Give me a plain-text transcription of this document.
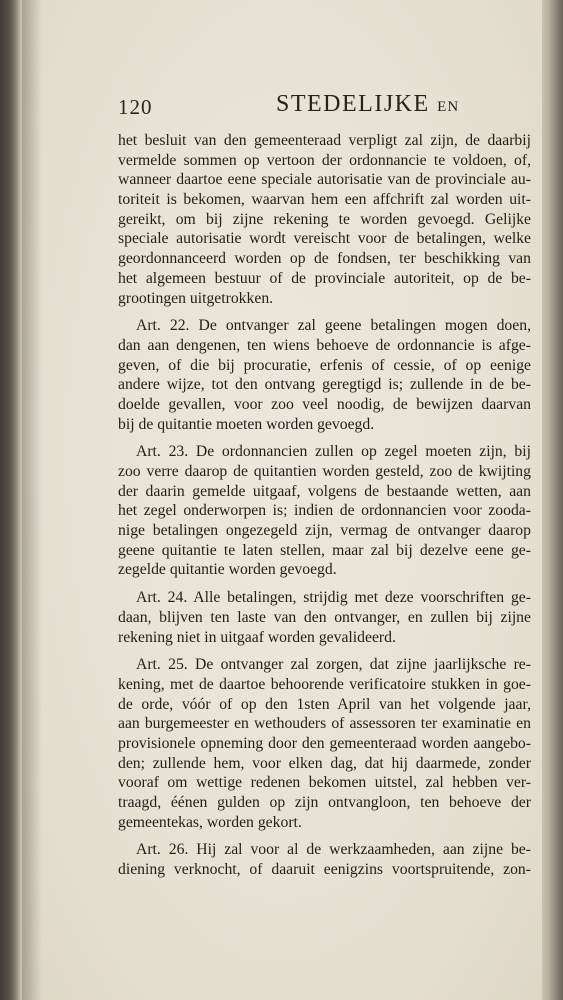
120	STEDELIJKE EN
het besluit van den gemeenteraad verpligt zal zijn, de daarbij
vermelde sommen op vertoon der ordonnancie te voldoen, of,
wanneer daartoe eene speciale autorisatie van de provinciale au-
toriteit is bekomen, waarvan hem een affchrift zal worden uit-
gereikt, om bij zijne rekening te worden gevoegd. Gelijke
speciale autorisatie wordt vereischt voor de betalingen, welke
geordonnanceerd worden op de fondsen, ter beschikking van
het algemeen bestuur of de provinciale autoriteit, op de be-
grootingen uitgetrokken.
Art. 22. De ontvanger zal geene betalingen mogen doen,
dan aan dengenen, ten wiens behoeve de ordonnancie is afge-
geven, of die bij procuratie, erfenis of cessie, of op eenige
andere wijze, tot den ontvang geregtigd is; zullende in de be-
doelde gevallen, voor zoo veel noodig, de bewijzen daarvan
bij de quitantie moeten worden gevoegd.
Art. 23. De ordonnancien zullen op zegel moeten zijn, bij
zoo verre daarop de quitantien worden gesteld, zoo de kwijting
der daarin gemelde uitgaaf, volgens de bestaande wetten, aan
het zegel onderworpen is; indien de ordonnancien voor zooda-
nige betalingen ongezegeld zijn, vermag de ontvanger daarop
geene quitantie te laten stellen, maar zal bij dezelve eene ge-
zegelde quitantie worden gevoegd.
Art. 24. Alle betalingen, strijdig met deze voorschriften ge-
daan, blijven ten laste van den ontvanger, en zullen bij zijne
rekening niet in uitgaaf worden gevalideerd.
Art. 25. De ontvanger zal zorgen, dat zijne jaarlijksche re-
kening, met de daartoe behoorende verificatoire stukken in goe-
de orde, vóór of op den 1sten April van het volgende jaar,
aan burgemeester en wethouders of assessoren ter examinatie en
provisionele opneming door den gemeenteraad worden aangebo-
den; zullende hem, voor elken dag, dat hij daarmede, zonder
vooraf om wettige redenen bekomen uitstel, zal hebben ver-
traagd, éénen gulden op zijn ontvangloon, ten behoeve der
gemeentekas, worden gekort.
Art. 26. Hij zal voor al de werkzaamheden, aan zijne be-
diening verknocht, of daaruit eenigzins voortspruitende, zon-
